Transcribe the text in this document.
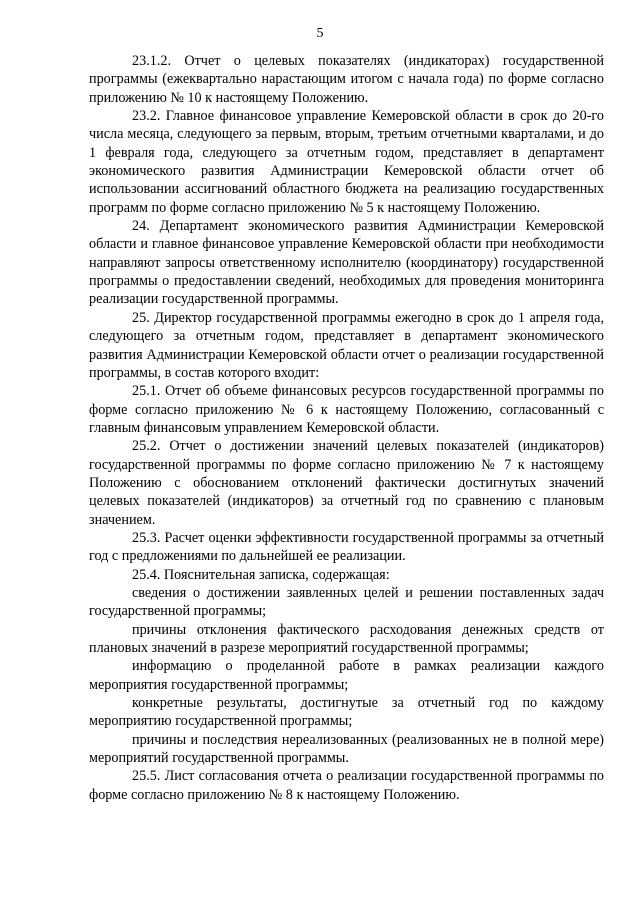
5

23.1.2. Отчет о целевых показателях (индикаторах) государственной программы (ежеквартально нарастающим итогом с начала года) по форме согласно приложению № 10 к настоящему Положению.

23.2. Главное финансовое управление Кемеровской области в срок до 20-го числа месяца, следующего за первым, вторым, третьим отчетными кварталами, и до 1 февраля года, следующего за отчетным годом, представляет в департамент экономического развития Администрации Кемеровской области отчет об использовании ассигнований областного бюджета на реализацию государственных программ по форме согласно приложению № 5 к настоящему Положению.

24. Департамент экономического развития Администрации Кемеровской области и главное финансовое управление Кемеровской области при необходимости направляют запросы ответственному исполнителю (координатору) государственной программы о предоставлении сведений, необходимых для проведения мониторинга реализации государственной программы.

25. Директор государственной программы ежегодно в срок до 1 апреля года, следующего за отчетным годом, представляет в департамент экономического развития Администрации Кемеровской области отчет о реализации государственной программы, в состав которого входит:

25.1. Отчет об объеме финансовых ресурсов государственной программы по форме согласно приложению № 6 к настоящему Положению, согласованный с главным финансовым управлением Кемеровской области.

25.2. Отчет о достижении значений целевых показателей (индикаторов) государственной программы по форме согласно приложению № 7 к настоящему Положению с обоснованием отклонений фактически достигнутых значений целевых показателей (индикаторов) за отчетный год по сравнению с плановым значением.

25.3. Расчет оценки эффективности государственной программы за отчетный год с предложениями по дальнейшей ее реализации.

25.4. Пояснительная записка, содержащая:

сведения о достижении заявленных целей и решении поставленных задач государственной программы;

причины отклонения фактического расходования денежных средств от плановых значений в разрезе мероприятий государственной программы;

информацию о проделанной работе в рамках реализации каждого мероприятия государственной программы;

конкретные результаты, достигнутые за отчетный год по каждому мероприятию государственной программы;

причины и последствия нереализованных (реализованных не в полной мере) мероприятий государственной программы.

25.5. Лист согласования отчета о реализации государственной программы по форме согласно приложению № 8 к настоящему Положению.
